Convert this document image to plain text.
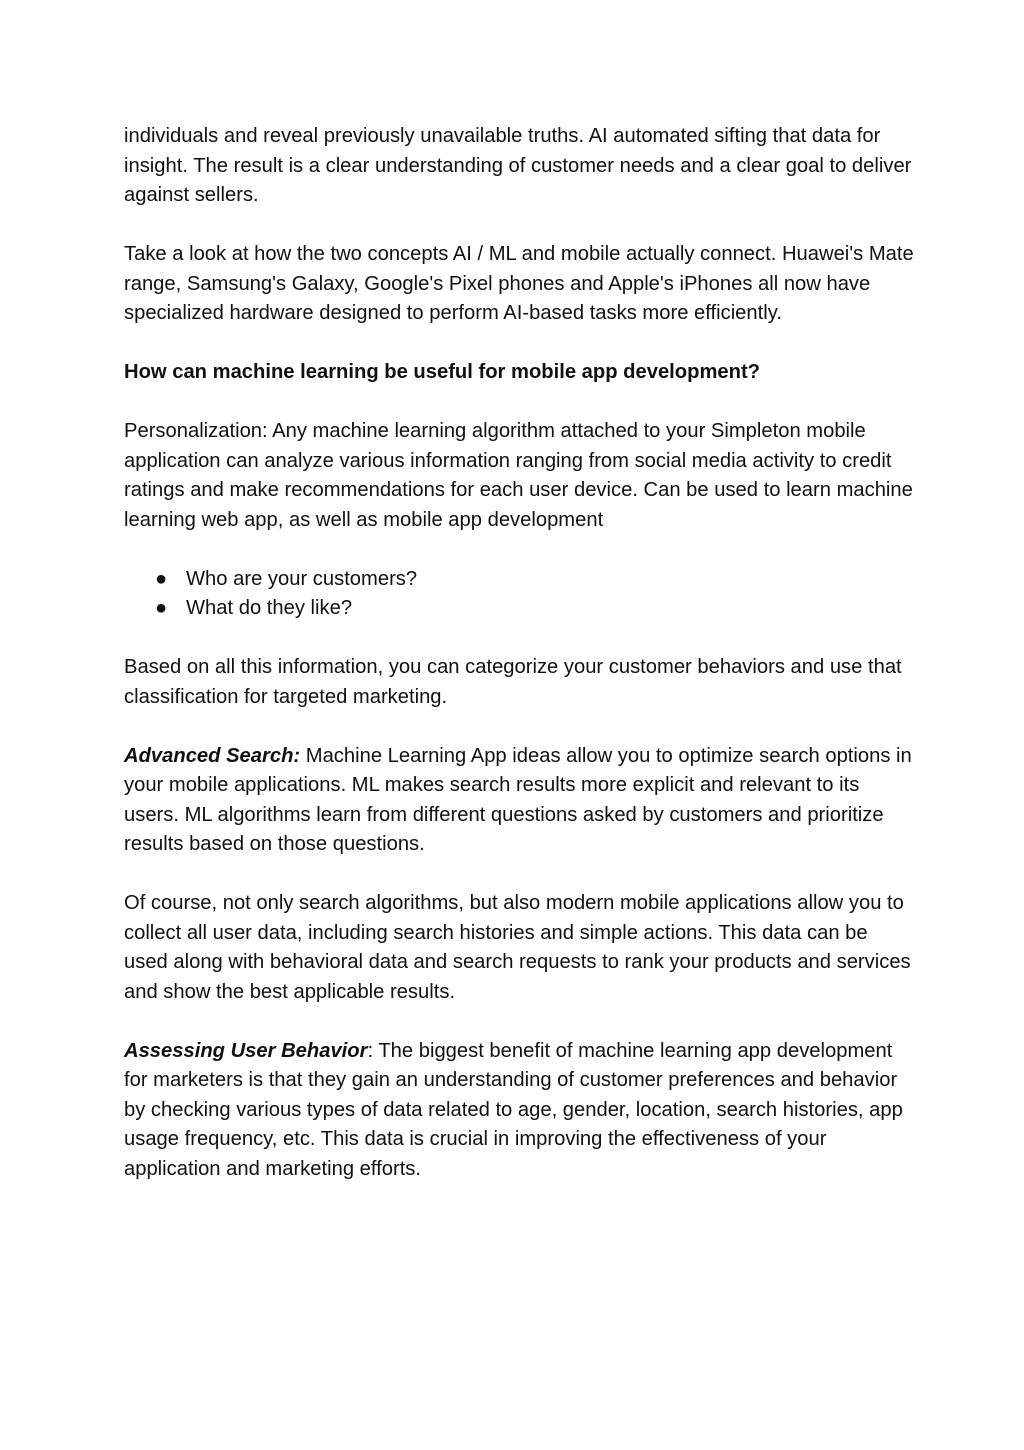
individuals and reveal previously unavailable truths. AI automated sifting that data for insight. The result is a clear understanding of customer needs and a clear goal to deliver against sellers.

Take a look at how the two concepts AI / ML and mobile actually connect. Huawei's Mate range, Samsung's Galaxy, Google's Pixel phones and Apple's iPhones all now have specialized hardware designed to perform AI-based tasks more efficiently.

How can machine learning be useful for mobile app development?

Personalization: Any machine learning algorithm attached to your Simpleton mobile application can analyze various information ranging from social media activity to credit ratings and make recommendations for each user device. Can be used to learn machine learning web app, as well as mobile app development

● Who are your customers?
● What do they like?

Based on all this information, you can categorize your customer behaviors and use that classification for targeted marketing.

Advanced Search: Machine Learning App ideas allow you to optimize search options in your mobile applications. ML makes search results more explicit and relevant to its users. ML algorithms learn from different questions asked by customers and prioritize results based on those questions.

Of course, not only search algorithms, but also modern mobile applications allow you to collect all user data, including search histories and simple actions. This data can be used along with behavioral data and search requests to rank your products and services and show the best applicable results.

Assessing User Behavior: The biggest benefit of machine learning app development for marketers is that they gain an understanding of customer preferences and behavior by checking various types of data related to age, gender, location, search histories, app usage frequency, etc. This data is crucial in improving the effectiveness of your application and marketing efforts.
